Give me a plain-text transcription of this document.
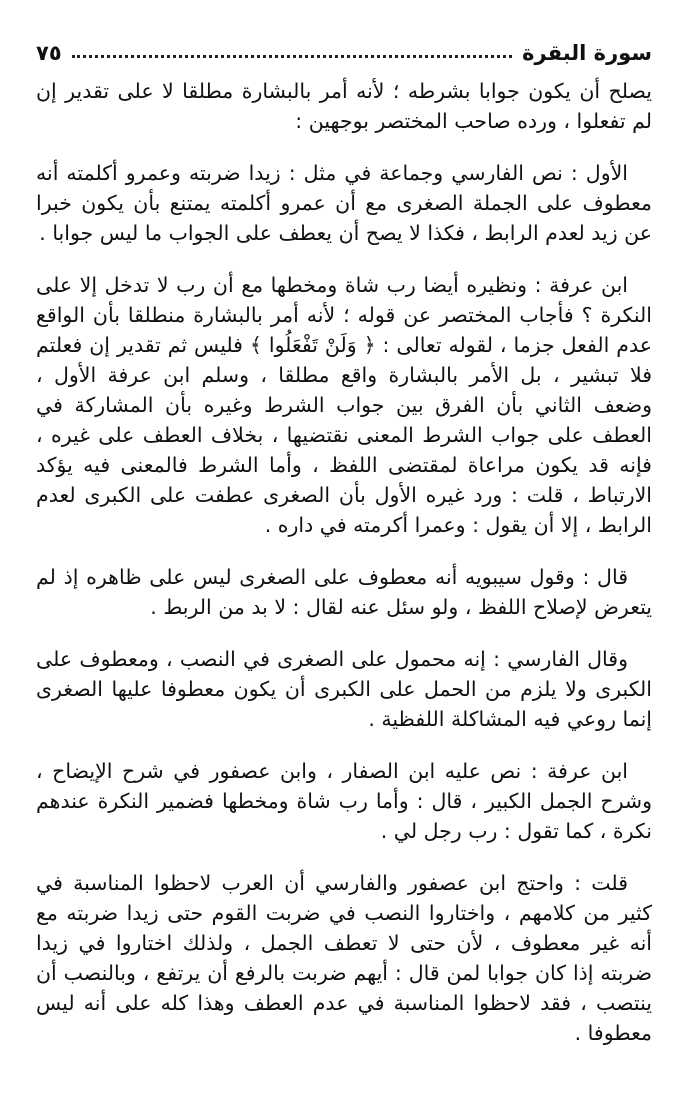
سورة البقرة
٧٥

يصلح أن يكون جوابا بشرطه ؛ لأنه أمر بالبشارة مطلقا لا على تقدير إن لم تفعلوا ، ورده صاحب المختصر بوجهين :

الأول : نص الفارسي وجماعة في مثل : زيدا ضربته وعمرو أكلمته أنه معطوف على الجملة الصغرى مع أن عمرو أكلمته يمتنع بأن يكون خبرا عن زيد لعدم الرابط ، فكذا لا يصح أن يعطف على الجواب ما ليس جوابا .

ابن عرفة : ونظيره أيضا رب شاة ومخطها مع أن رب لا تدخل إلا على النكرة ؟ فأجاب المختصر عن قوله ؛ لأنه أمر بالبشارة منطلقا بأن الواقع عدم الفعل جزما ، لقوله تعالى : ﴿ وَلَنْ تَفْعَلُوا ﴾ فليس ثم تقدير إن فعلتم فلا تبشير ، بل الأمر بالبشارة واقع مطلقا ، وسلم ابن عرفة الأول ، وضعف الثاني بأن الفرق بين جواب الشرط وغيره بأن المشاركة في العطف على جواب الشرط المعنى نقتضيها ، بخلاف العطف على غيره ، فإنه قد يكون مراعاة لمقتضى اللفظ ، وأما الشرط فالمعنى فيه يؤكد الارتباط ، قلت : ورد غيره الأول بأن الصغرى عطفت على الكبرى لعدم الرابط ، إلا أن يقول : وعمرا أكرمته في داره .

قال : وقول سيبويه أنه معطوف على الصغرى ليس على ظاهره إذ لم يتعرض لإصلاح اللفظ ، ولو سئل عنه لقال : لا بد من الربط .

وقال الفارسي : إنه محمول على الصغرى في النصب ، ومعطوف على الكبرى ولا يلزم من الحمل على الكبرى أن يكون معطوفا عليها الصغرى إنما روعي فيه المشاكلة اللفظية .

ابن عرفة : نص عليه ابن الصفار ، وابن عصفور في شرح الإيضاح ، وشرح الجمل الكبير ، قال : وأما رب شاة ومخطها فضمير النكرة عندهم نكرة ، كما تقول : رب رجل لي .

قلت : واحتج ابن عصفور والفارسي أن العرب لاحظوا المناسبة في كثير من كلامهم ، واختاروا النصب في ضربت القوم حتى زيدا ضربته مع أنه غير معطوف ، لأن حتى لا تعطف الجمل ، ولذلك اختاروا في زيدا ضربته إذا كان جوابا لمن قال : أيهم ضربت بالرفع أن يرتفع ، وبالنصب أن ينتصب ، فقد لاحظوا المناسبة في عدم العطف وهذا كله على أنه ليس معطوفا .
